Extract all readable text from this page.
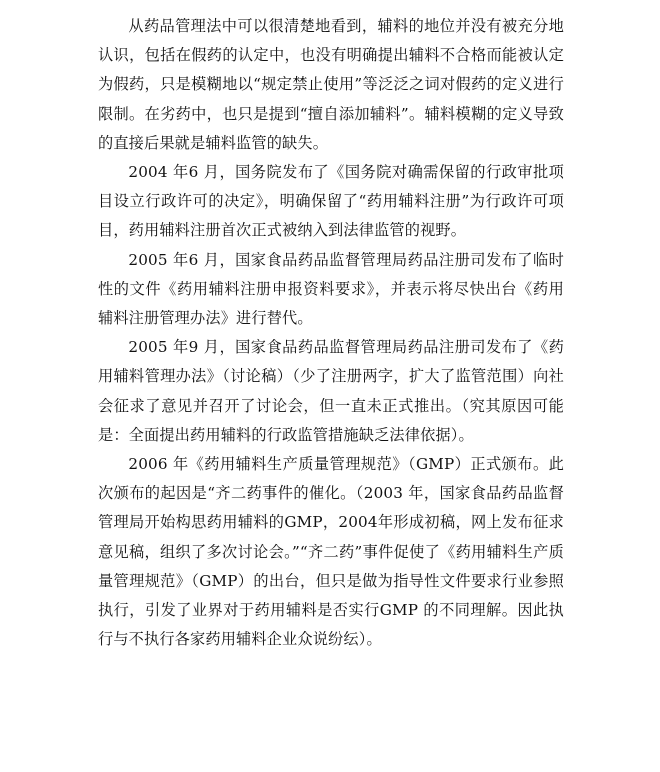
从药品管理法中可以很清楚地看到，辅料的地位并没有被充分地认识，包括在假药的认定中，也没有明确提出辅料不合格而能被认定为假药，只是模糊地以“规定禁止使用”等泛泛之词对假药的定义进行限制。在劣药中，也只是提到“擅自添加辅料”。辅料模糊的定义导致的直接后果就是辅料监管的缺失。

2004 年6 月，国务院发布了《国务院对确需保留的行政审批项目设立行政许可的决定》，明确保留了“药用辅料注册”为行政许可项目，药用辅料注册首次正式被纳入到法律监管的视野。

2005 年6 月，国家食品药品监督管理局药品注册司发布了临时性的文件《药用辅料注册申报资料要求》，并表示将尽快出台《药用辅料注册管理办法》进行替代。

2005 年9 月，国家食品药品监督管理局药品注册司发布了《药用辅料管理办法》（讨论稿）（少了注册两字，扩大了监管范围）向社会征求了意见并召开了讨论会，但一直未正式推出。（究其原因可能是：全面提出药用辅料的行政监管措施缺乏法律依据）。

2006 年《药用辅料生产质量管理规范》（GMP）正式颁布。此次颁布的起因是“齐二药事件的催化。（2003 年，国家食品药品监督管理局开始构思药用辅料的GMP，2004年形成初稿，网上发布征求意见稿，组织了多次讨论会。”“齐二药”事件促使了《药用辅料生产质量管理规范》（GMP）的出台，但只是做为指导性文件要求行业参照执行，引发了业界对于药用辅料是否实行GMP 的不同理解。因此执行与不执行各家药用辅料企业众说纷纭）。
